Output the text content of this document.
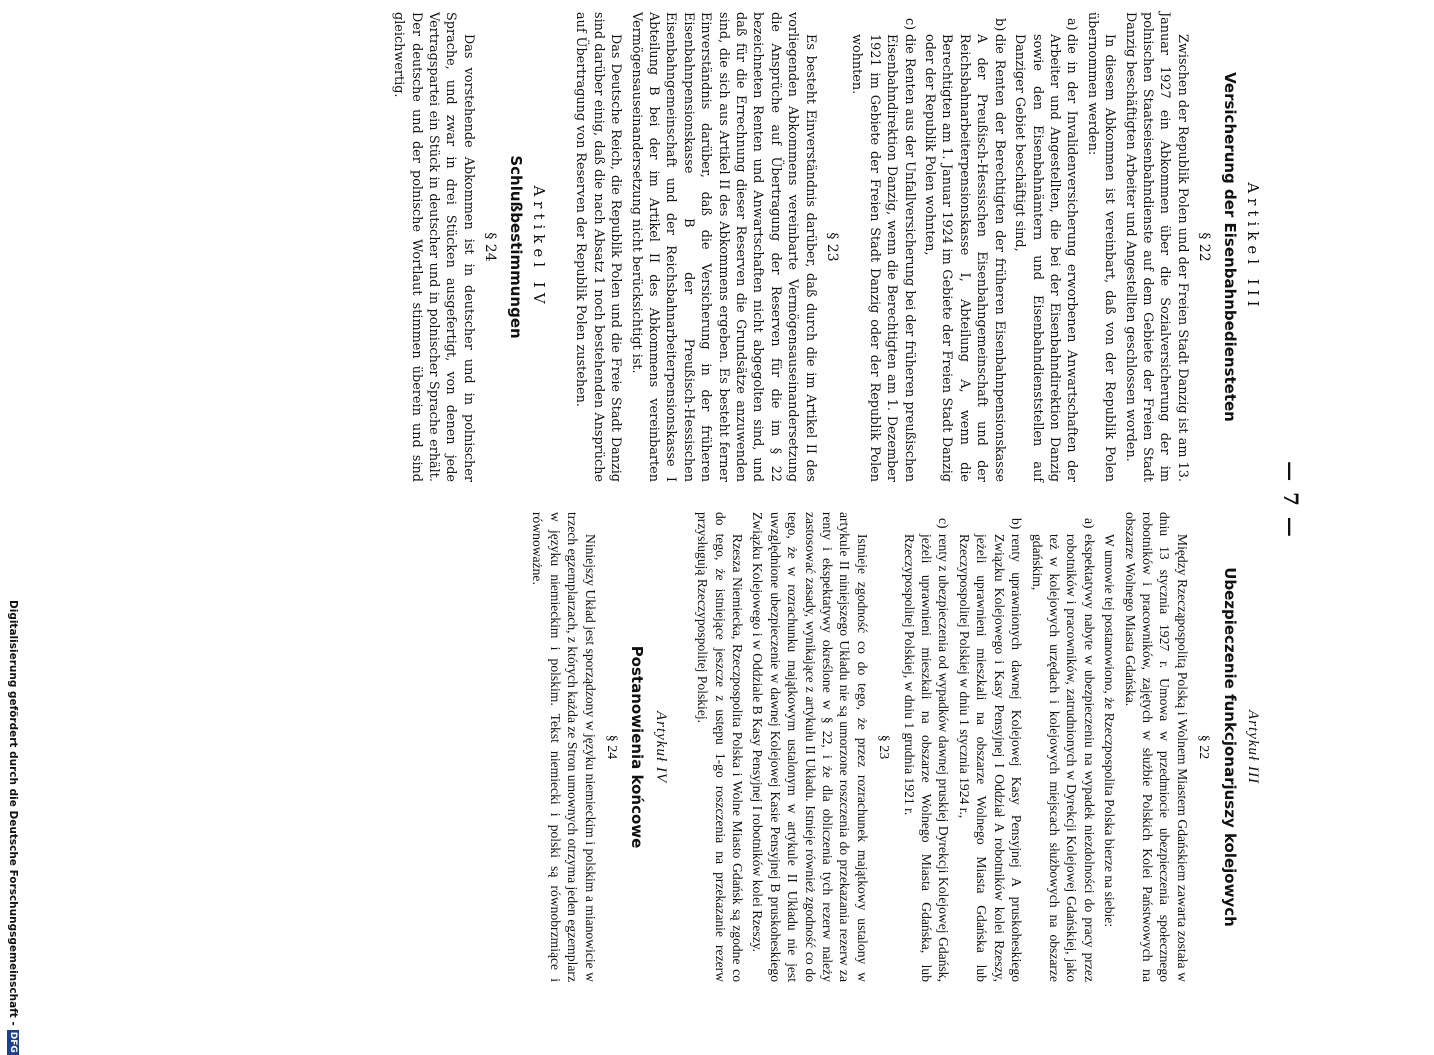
— 7 —
Artikel III
Versicherung der Eisenbahnbediensteten
§ 22

Zwischen der Republik Polen und der Freien Stadt Danzig ist am 13. Januar 1927 ein Abkommen über die Sozialversicherung der im polnischen Staatseisenbahndienste auf dem Gebiete der Freien Stadt Danzig beschäftigten Arbeiter und Angestellten geschlossen worden.

In diesem Abkommen ist vereinbart, daß von der Republik Polen übernommen werden:

a)
die in der Invalidenversicherung erworbenen Anwartschaften der Arbeiter und Angestellten, die bei der Eisenbahndirektion Danzig sowie den Eisenbahnämtern und Eisenbahndienststellen auf Danziger Gebiet beschäftigt sind,
b)
die Renten der Berechtigten der früheren Eisenbahnpensionskasse A der Preußisch-Hessischen Eisenbahngemeinschaft und der Reichsbahnarbeiterpensionskasse I, Abteilung A, wenn die Berechtigten am 1. Januar 1924 im Gebiete der Freien Stadt Danzig oder der Republik Polen wohnten,
c)
die Renten aus der Unfallversicherung bei der früheren preußischen Eisenbahndirektion Danzig, wenn die Berechtigten am 1. Dezember 1921 im Gebiete der Freien Stadt Danzig oder der Republik Polen wohnten.
§ 23

Es besteht Einverständnis darüber, daß durch die im Artikel II des vorliegenden Abkommens vereinbarte Vermögensauseinandersetzung die Ansprüche auf Übertragung der Reserven für die im § 22 bezeichneten Renten und Anwartschaften nicht abgegolten sind, und daß für die Errechnung dieser Reserven die Grundsätze anzuwenden sind, die sich aus Artikel II des Abkommens ergeben. Es besteht ferner Einverständnis darüber, daß die Versicherung in der früheren Eisenbahnpensionskasse B der Preußisch-Hessischen Eisenbahngemeinschaft und der Reichsbahnarbeiterpensionskasse I Abteilung B bei der im Artikel II des Abkommens vereinbarten Vermögensauseinandersetzung nicht berücksichtigt ist.

Das Deutsche Reich, die Republik Polen und die Freie Stadt Danzig sind darüber einig, daß die nach Absatz 1 noch bestehenden Ansprüche auf Übertragung von Reserven der Republik Polen zustehen.

Artikel IV
Schlußbestimmungen
§ 24

Das vorstehende Abkommen ist in deutscher und in polnischer Sprache, und zwar in drei Stücken ausgefertigt, von denen jede Vertragspartei ein Stück in deutscher und in polnischer Sprache erhält. Der deutsche und der polnische Wortlaut stimmen überein und sind gleichwertig.

Artykuł III
Ubezpieczenie funkcjonarjuszy kolejowych
§ 22

Między Rzecząpospolitą Polską i Wolnem Miastem Gdańskiem zawarta została w dniu 13 stycznia 1927 r. Umowa w przedmiocie ubezpieczenia społecznego robotników i pracowników, zajętych w służbie Polskich Kolei Państwowych na obszarze Wolnego Miasta Gdańska.

W umowie tej postanowiono, że Rzeczpospolita Polska bierze na siebie:

a)
ekspektatywy nabyte w ubezpieczeniu na wypadek niezdolności do pracy przez robotników i pracowników, zatrudnionych w Dyrekcji Kolejowej Gdańskiej, jako też w kolejowych urzędach i kolejowych miejscach służbowych na obszarze gdańskim,
b)
renty uprawnionych dawnej Kolejowej Kasy Pensyjnej A pruskoheskiego Związku Kolejowego i Kasy Pensyjnej I Oddział A robotników kolei Rzeszy, jeżeli uprawnieni mieszkali na obszarze Wolnego Miasta Gdańska lub Rzeczypospolitej Polskiej w dniu 1 stycznia 1924 r.,
c)
renty z ubezpieczenia od wypadków dawnej pruskiej Dyrekcji Kolejowej Gdańsk, jeżeli uprawnieni mieszkali na obszarze Wolnego Miasta Gdańska, lub Rzeczypospolitej Polskiej, w dniu 1 grudnia 1921 r.
§ 23

Istnieje zgodność co do tego, że przez rozrachunek majątkowy ustalony w artykule II niniejszego Układu nie są umorzone roszczenia do przekazania rezerw za renty i ekspektatywy określone w § 22, i że dla obliczenia tych rezerw należy zastosować zasady, wynikające z artykułu II Układu. Istnieje również zgodność co do tego, że w rozrachunku majątkowym ustalonym w artykule II Układu nie jest uwzględnione ubezpieczenie w dawnej Kolejowej Kasie Pensyjnej B pruskoheskiego Związku Kolejowego i w Oddziale B Kasy Pensyjnej I robotników kolei Rzeszy.

Rzesza Niemiecka, Rzeczpospolita Polska i Wolne Miasto Gdańsk są zgodne co do tego, że istniejące jeszcze z ustępu 1-go roszczenia na przekazanie rezerw przysługują Rzeczypospolitej Polskiej.

Artykuł IV
Postanowienia końcowe
§ 24

Niniejszy Układ jest sporządzony w języku niemieckim i polskim a mianowicie w trzech egzemplarzach, z których każda ze Stron umownych otrzyma jeden egzemplarz w języku niemieckim i polskim. Tekst niemiecki i polski są równobrzmiące i równoważne.

Digitalisierung gefördert durch die Deutsche Forschungsgemeinschaft -
DFG
